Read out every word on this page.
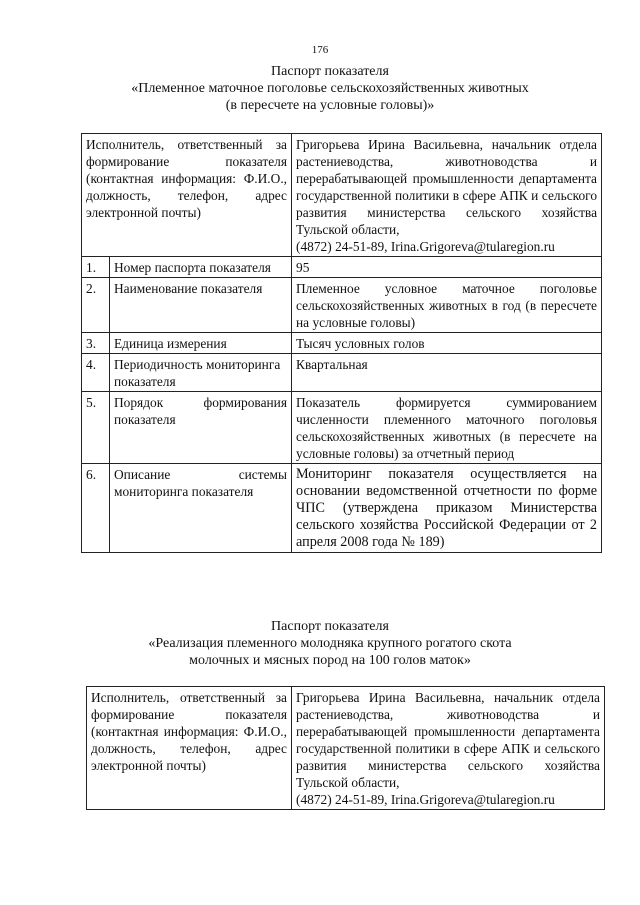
176
Паспорт показателя
«Племенное маточное поголовье сельскохозяйственных животных
(в пересчете на условные головы)»
Исполнитель, ответственный за формирование показателя (контактная информация: Ф.И.О., должность, телефон, адрес электронной почты)		Григорьева Ирина Васильевна, начальник отдела растениеводства, животноводства и перерабатывающей промышленности департамента государственной политики в сфере АПК и сельского развития министерства сельского хозяйства Тульской области,
(4872) 24-51-89, Irina.Grigoreva@tularegion.ru
1.	Номер паспорта показателя	95
2.	Наименование показателя	Племенное условное маточное поголовье сельскохозяйственных животных в год (в пересчете на условные головы)
3.	Единица измерения	Тысяч условных голов
4.	Периодичность мониторинга показателя	Квартальная
5.	Порядок формирования показателя	Показатель формируется суммированием численности племенного маточного поголовья сельскохозяйственных животных (в пересчете на условные головы) за отчетный период
6.	Описание системы мониторинга показателя	Мониторинг показателя осуществляется на основании ведомственной отчетности по форме ЧПС (утверждена приказом Министерства сельского хозяйства Российской Федерации от 2 апреля 2008 года № 189)
Паспорт показателя
«Реализация племенного молодняка крупного рогатого скота
молочных и мясных пород на 100 голов маток»
Исполнитель, ответственный за формирование показателя (контактная информация: Ф.И.О., должность, телефон, адрес электронной почты)	Григорьева Ирина Васильевна, начальник отдела растениеводства, животноводства и перерабатывающей промышленности департамента государственной политики в сфере АПК и сельского развития министерства сельского хозяйства Тульской области,
(4872) 24-51-89, Irina.Grigoreva@tularegion.ru
